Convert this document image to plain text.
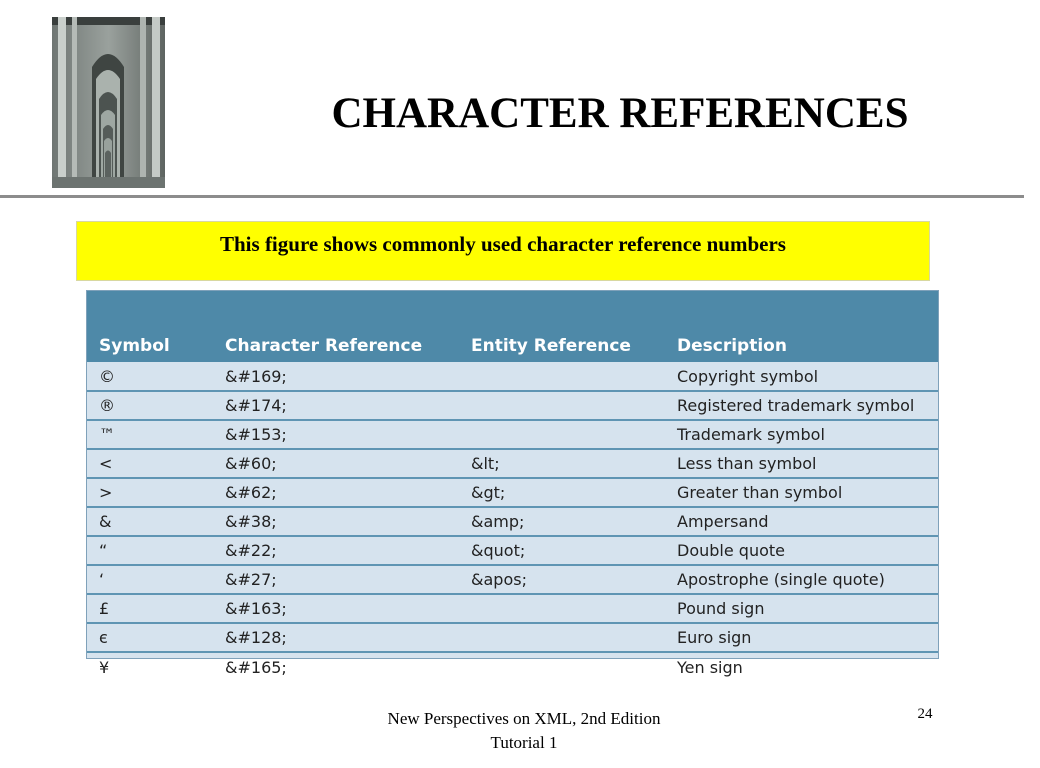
CHARACTER REFERENCES
This figure shows commonly used character reference numbers
Symbol	Character Reference	Entity Reference	Description
©	&#169;		Copyright symbol
®	&#174;		Registered trademark symbol
™	&#153;		Trademark symbol
<	&#60;	&lt;	Less than symbol
>	&#62;	&gt;	Greater than symbol
&	&#38;	&amp;	Ampersand
“	&#22;	&quot;	Double quote
‘	&#27;	&apos;	Apostrophe (single quote)
£	&#163;		Pound sign
є	&#128;		Euro sign
¥	&#165;		Yen sign
New Perspectives on XML, 2nd Edition
Tutorial 1
24
